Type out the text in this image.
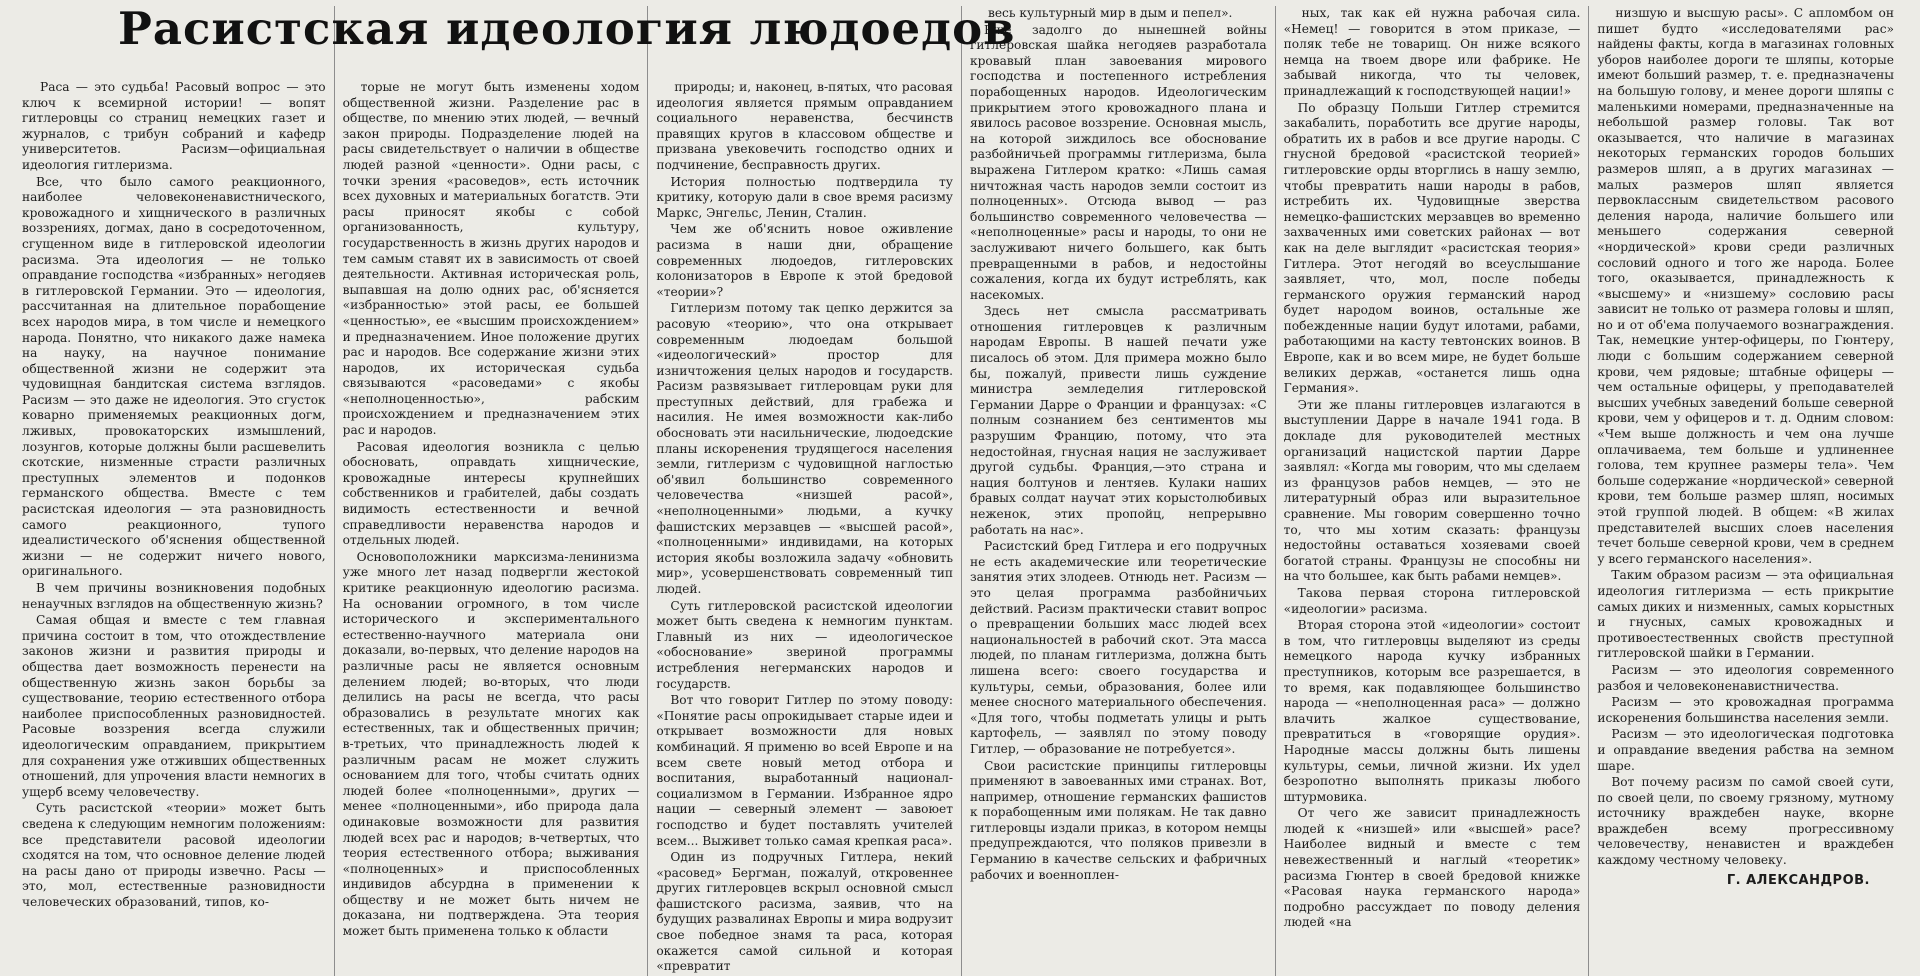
Раса — это судьба! Расовый вопрос — это ключ к всемирной истории! — вопят гитлеровцы со страниц немецких газет и журналов, с трибун собраний и кафедр университетов. Расизм—официальная идеология гитлеризма.

Все, что было самого реакционного, наиболее человеконенавистнического, кровожадного и хищнического в различных воззрениях, догмах, дано в сосредоточенном, сгущенном виде в гитлеровской идеологии расизма. Эта идеология — не только оправдание господства «избранных» негодяев в гитлеровской Германии. Это — идеология, рассчитанная на длительное порабощение всех народов мира, в том числе и немецкого народа. Понятно, что никакого даже намека на науку, на научное понимание общественной жизни не содержит эта чудовищная бандитская система взглядов. Расизм — это даже не идеология. Это сгусток коварно применяемых реакционных догм, лживых, провокаторских измышлений, лозунгов, которые должны были расшевелить скотские, низменные страсти различных преступных элементов и подонков германского общества. Вместе с тем расистская идеология — эта разновидность самого реакционного, тупого идеалистического об'яснения общественной жизни — не содержит ничего нового, оригинального.

В чем причины возникновения подобных ненаучных взглядов на общественную жизнь?

Самая общая и вместе с тем главная причина состоит в том, что отождествление законов жизни и развития природы и общества дает возможность перенести на общественную жизнь закон борьбы за существование, теорию естественного отбора наиболее приспособленных разновидностей. Расовые воззрения всегда служили идеологическим оправданием, прикрытием для сохранения уже отживших общественных отношений, для упрочения власти немногих в ущерб всему человечеству.

Суть расистской «теории» может быть сведена к следующим немногим положениям: все представители расовой идеологии сходятся на том, что основное деление людей на расы дано от природы извечно. Расы — это, мол, естественные разновидности человеческих образований, типов, ко-

торые не могут быть изменены ходом общественной жизни. Разделение рас в обществе, по мнению этих людей, — вечный закон природы. Подразделение людей на расы свидетельствует о наличии в обществе людей разной «ценности». Одни расы, с точки зрения «расоведов», есть источник всех духовных и материальных богатств. Эти расы приносят якобы с собой организованность, культуру, государственность в жизнь других народов и тем самым ставят их в зависимость от своей деятельности. Активная историческая роль, выпавшая на долю одних рас, об'ясняется «избранностью» этой расы, ее большей «ценностью», ее «высшим происхождением» и предназначением. Иное положение других рас и народов. Все содержание жизни этих народов, их историческая судьба связываются «расоведами» с якобы «неполноценностью», рабским происхождением и предназначением этих рас и народов.

Расовая идеология возникла с целью обосновать, оправдать хищнические, кровожадные интересы крупнейших собственников и грабителей, дабы создать видимость естественности и вечной справедливости неравенства народов и отдельных людей.

Основоположники марксизма-ленинизма уже много лет назад подвергли жестокой критике реакционную идеологию расизма. На основании огромного, в том числе исторического и экспериментального естественно-научного материала они доказали, во-первых, что деление народов на различные расы не является основным делением людей; во-вторых, что люди делились на расы не всегда, что расы образовались в результате многих как естественных, так и общественных причин; в-третьих, что принадлежность людей к различным расам не может служить основанием для того, чтобы считать одних людей более «полноценными», других — менее «полноценными», ибо природа дала одинаковые возможности для развития людей всех рас и народов; в-четвертых, что теория естественного отбора; выживания «полноценных» и приспособленных индивидов абсурдна в применении к обществу и не может быть ничем не доказана, ни подтверждена. Эта теория может быть применена только к области

природы; и, наконец, в-пятых, что расовая идеология является прямым оправданием социального неравенства, бесчинств правящих кругов в классовом обществе и призвана увековечить господство одних и подчинение, бесправность других.

История полностью подтвердила ту критику, которую дали в свое время расизму Маркс, Энгельс, Ленин, Сталин.

Чем же об'яснить новое оживление расизма в наши дни, обращение современных людоедов, гитлеровских колонизаторов в Европе к этой бредовой «теории»?

Гитлеризм потому так цепко держится за расовую «теорию», что она открывает современным людоедам большой «идеологический» простор для изничтожения целых народов и государств. Расизм развязывает гитлеровцам руки для преступных действий, для грабежа и насилия. Не имея возможности как-либо обосновать эти насильнические, людоедские планы искоренения трудящегося населения земли, гитлеризм с чудовищной наглостью об'явил большинство современного человечества «низшей расой», «неполноценными» людьми, а кучку фашистских мерзавцев — «высшей расой», «полноценными» индивидами, на которых история якобы возложила задачу «обновить мир», усовершенствовать современный тип людей.

Суть гитлеровской расистской идеологии может быть сведена к немногим пунктам. Главный из них — идеологическое «обоснование» звериной программы истребления негерманских народов и государств.

Вот что говорит Гитлер по этому поводу: «Понятие расы опрокидывает старые идеи и открывает возможности для новых комбинаций. Я применю во всей Европе и на всем свете новый метод отбора и воспитания, выработанный национал-социализмом в Германии. Избранное ядро нации — северный элемент — завоюет господство и будет поставлять учителей всем... Выживет только самая крепкая раса».

Один из подручных Гитлера, некий «расовед» Бергман, пожалуй, откровеннее других гитлеровцев вскрыл основной смысл фашистского расизма, заявив, что на будущих развалинах Европы и мира водрузит свое победное знамя та раса, которая окажется самой сильной и которая «превратит

весь культурный мир в дым и пепел».

Еще задолго до нынешней войны гитлеровская шайка негодяев разработала кровавый план завоевания мирового господства и постепенного истребления порабощенных народов. Идеологическим прикрытием этого кровожадного плана и явилось расовое воззрение. Основная мысль, на которой зиждилось все обоснование разбойничьей программы гитлеризма, была выражена Гитлером кратко: «Лишь самая ничтожная часть народов земли состоит из полноценных». Отсюда вывод — раз большинство современного человечества — «неполноценные» расы и народы, то они не заслуживают ничего большего, как быть превращенными в рабов, и недостойны сожаления, когда их будут истреблять, как насекомых.

Здесь нет смысла рассматривать отношения гитлеровцев к различным народам Европы. В нашей печати уже писалось об этом. Для примера можно было бы, пожалуй, привести лишь суждение министра земледелия гитлеровской Германии Дарре о Франции и французах: «С полным сознанием без сентиментов мы разрушим Францию, потому, что эта недостойная, гнусная нация не заслуживает другой судьбы. Франция,—это страна и нация болтунов и лентяев. Кулаки наших бравых солдат научат этих корыстолюбивых неженок, этих пропойц, непрерывно работать на нас».

Расистский бред Гитлера и его подручных не есть академические или теоретические занятия этих злодеев. Отнюдь нет. Расизм — это целая программа разбойничьих действий. Расизм практически ставит вопрос о превращении больших масс людей всех национальностей в рабочий скот. Эта масса людей, по планам гитлеризма, должна быть лишена всего: своего государства и культуры, семьи, образования, более или менее сносного материального обеспечения. «Для того, чтобы подметать улицы и рыть картофель, — заявлял по этому поводу Гитлер, — образование не потребуется».

Свои расистские принципы гитлеровцы применяют в завоеванных ими странах. Вот, например, отношение германских фашистов к порабощенным ими полякам. Не так давно гитлеровцы издали приказ, в котором немцы предупреждаются, что поляков привезли в Германию в качестве сельских и фабричных рабочих и военноплен-

ных, так как ей нужна рабочая сила. «Немец! — говорится в этом приказе, — поляк тебе не товарищ. Он ниже всякого немца на твоем дворе или фабрике. Не забывай никогда, что ты человек, принадлежащий к господствующей нации!»

По образцу Польши Гитлер стремится закабалить, поработить все другие народы, обратить их в рабов и все другие народы. С гнусной бредовой «расистской теорией» гитлеровские орды вторглись в нашу землю, чтобы превратить наши народы в рабов, истребить их. Чудовищные зверства немецко-фашистских мерзавцев во временно захваченных ими советских районах — вот как на деле выглядит «расистская теория» Гитлера. Этот негодяй во всеуслышание заявляет, что, мол, после победы германского оружия германский народ будет народом воинов, остальные же побежденные нации будут илотами, рабами, работающими на касту тевтонских воинов. В Европе, как и во всем мире, не будет больше великих держав, «останется лишь одна Германия».

Эти же планы гитлеровцев излагаются в выступлении Дарре в начале 1941 года. В докладе для руководителей местных организаций нацистской партии Дарре заявлял: «Когда мы говорим, что мы сделаем из французов рабов немцев, — это не литературный образ или выразительное сравнение. Мы говорим совершенно точно то, что мы хотим сказать: французы недостойны оставаться хозяевами своей богатой страны. Французы не способны ни на что большее, как быть рабами немцев».

Такова первая сторона гитлеровской «идеологии» расизма.

Вторая сторона этой «идеологии» состоит в том, что гитлеровцы выделяют из среды немецкого народа кучку избранных преступников, которым все разрешается, в то время, как подавляющее большинство народа — «неполноценная раса» — должно влачить жалкое существование, превратиться в «говорящие орудия». Народные массы должны быть лишены культуры, семьи, личной жизни. Их удел безропотно выполнять приказы любого штурмовика.

От чего же зависит принадлежность людей к «низшей» или «высшей» расе? Наиболее видный и вместе с тем невежественный и наглый «теоретик» расизма Гюнтер в своей бредовой книжке «Расовая наука германского народа» подробно рассуждает по поводу деления людей «на

низшую и высшую расы». С апломбом он пишет будто «исследователями рас» найдены факты, когда в магазинах головных уборов наиболее дороги те шляпы, которые имеют больший размер, т. е. предназначены на большую голову, и менее дороги шляпы с маленькими номерами, предназначенные на небольшой размер головы. Так вот оказывается, что наличие в магазинах некоторых германских городов больших размеров шляп, а в других магазинах — малых размеров шляп является первоклассным свидетельством расового деления народа, наличие большего или меньшего содержания северной «нордической» крови среди различных сословий одного и того же народа. Более того, оказывается, принадлежность к «высшему» и «низшему» сословию расы зависит не только от размера головы и шляп, но и от об'ема получаемого вознаграждения. Так, немецкие унтер-офицеры, по Гюнтеру, люди с большим содержанием северной крови, чем рядовые; штабные офицеры — чем остальные офицеры, у преподавателей высших учебных заведений больше северной крови, чем у офицеров и т. д. Одним словом: «Чем выше должность и чем она лучше оплачиваема, тем больше и удлиненнее голова, тем крупнее размеры тела». Чем больше содержание «нордической» северной крови, тем больше размер шляп, носимых этой группой людей. В общем: «В жилах представителей высших слоев населения течет больше северной крови, чем в среднем у всего германского населения».

Таким образом расизм — эта официальная идеология гитлеризма — есть прикрытие самых диких и низменных, самых корыстных и гнусных, самых кровожадных и противоестественных свойств преступной гитлеровской шайки в Германии.

Расизм — это идеология современного разбоя и человеконенавистничества.

Расизм — это кровожадная программа искоренения большинства населения земли.

Расизм — это идеологическая подготовка и оправдание введения рабства на земном шаре.

Вот почему расизм по самой своей сути, по своей цели, по своему грязному, мутному источнику враждебен науке, вкорне враждебен всему прогрессивному человечеству, ненавистен и враждебен каждому честному человеку.

Г. АЛЕКСАНДРОВ.
Расистская идеология людоедов
